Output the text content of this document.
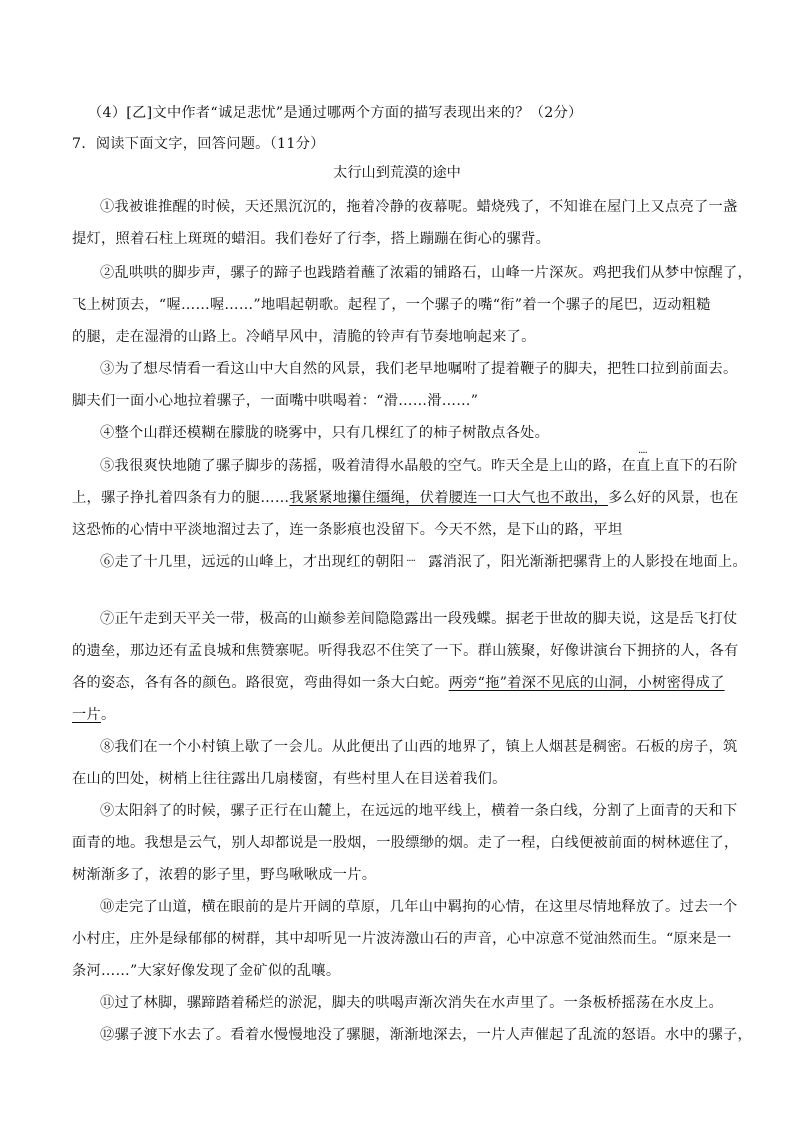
（4）[乙]文中作者“诚足悲忧”是通过哪两个方面的描写表现出来的？（2分）
7．阅读下面文字，回答问题。（11分）
太行山到荒漠的途中
①我被谁推醒的时候，天还黑沉沉的，拖着冷静的夜幕呢。蜡烧残了，不知谁在屋门上又点亮了一盏
提灯，照着石柱上斑斑的蜡泪。我们卷好了行李，搭上蹦蹦在街心的骡背。
②乱哄哄的脚步声，骡子的蹄子也践踏着蘸了浓霜的铺路石，山峰一片深灰。鸡把我们从梦中惊醒了，
飞上树顶去，“喔……喔……”地唱起朝歌。起程了，一个骡子的嘴“衔”着一个骡子的尾巴，迈动粗糙
的腿，走在湿滑的山路上。冷峭早风中，清脆的铃声有节奏地响起来了。
③为了想尽情看一看这山中大自然的风景，我们老早地嘱咐了提着鞭子的脚夫，把牲口拉到前面去。
脚夫们一面小心地拉着骡子，一面嘴中哄喝着：“滑……滑……”
④整个山群还模糊在朦胧的晓雾中，只有几棵红了的柿子树散点各处。
⑤我很爽快地随了骡子脚步的荡摇，吸着清得水晶般的空气。昨天全是上山的路，在直上直下 ····的石阶
上，骡子挣扎着四条有力的腿……我紧紧地攥住缰绳，伏着腰连一口大气也不敢出，多么好的风景，也在
这恐怖的心情中平淡地溜过去了，连一条影痕也没留下。今天不然，是下山的路，平坦
⑥走了十几里，远远的山峰上，才出现红的朝阳 露消泯了，阳光渐渐把骡背上的人影投在地面上。
⑦正午走到天平关一带，极高的山巅参差间隐隐露出一段残蝶。据老于世故的脚夫说，这是岳飞打仗
的遗垒，那边还有孟良城和焦赞寨呢。听得我忍不住笑了一下。群山簇聚，好像讲演台下拥挤的人，各有
各的姿态，各有各的颜色。路很宽，弯曲得如一条大白蛇。两旁“拖”着深不见底的山洞，小树密得成了
一片。
⑧我们在一个小村镇上歇了一会儿。从此便出了山西的地界了，镇上人烟甚是稠密。石板的房子，筑
在山的凹处，树梢上往往露出几扇楼窗，有些村里人在目送着我们。
⑨太阳斜了的时候，骡子正行在山麓上，在远远的地平线上，横着一条白线，分割了上面青的天和下
面青的地。我想是云气，别人却都说是一股烟，一股缥缈的烟。走了一程，白线便被前面的树林遮住了，
树渐渐多了，浓碧的影子里，野鸟啾啾成一片。
⑩走完了山道，横在眼前的是片开阔的草原，几年山中羁拘的心情，在这里尽情地释放了。过去一个
小村庄，庄外是绿郁郁的树群，其中却听见一片波涛激山石的声音，心中凉意不觉油然而生。“原来是一
条河……”大家好像发现了金矿似的乱嚷。
⑪过了林脚，骡蹄踏着稀烂的淤泥，脚夫的哄喝声渐次消失在水声里了。一条板桥摇荡在水皮上。
⑫骡子渡下水去了。看着水慢慢地没了骡腿，渐渐地深去，一片人声催起了乱流的怒语。水中的骡子，
